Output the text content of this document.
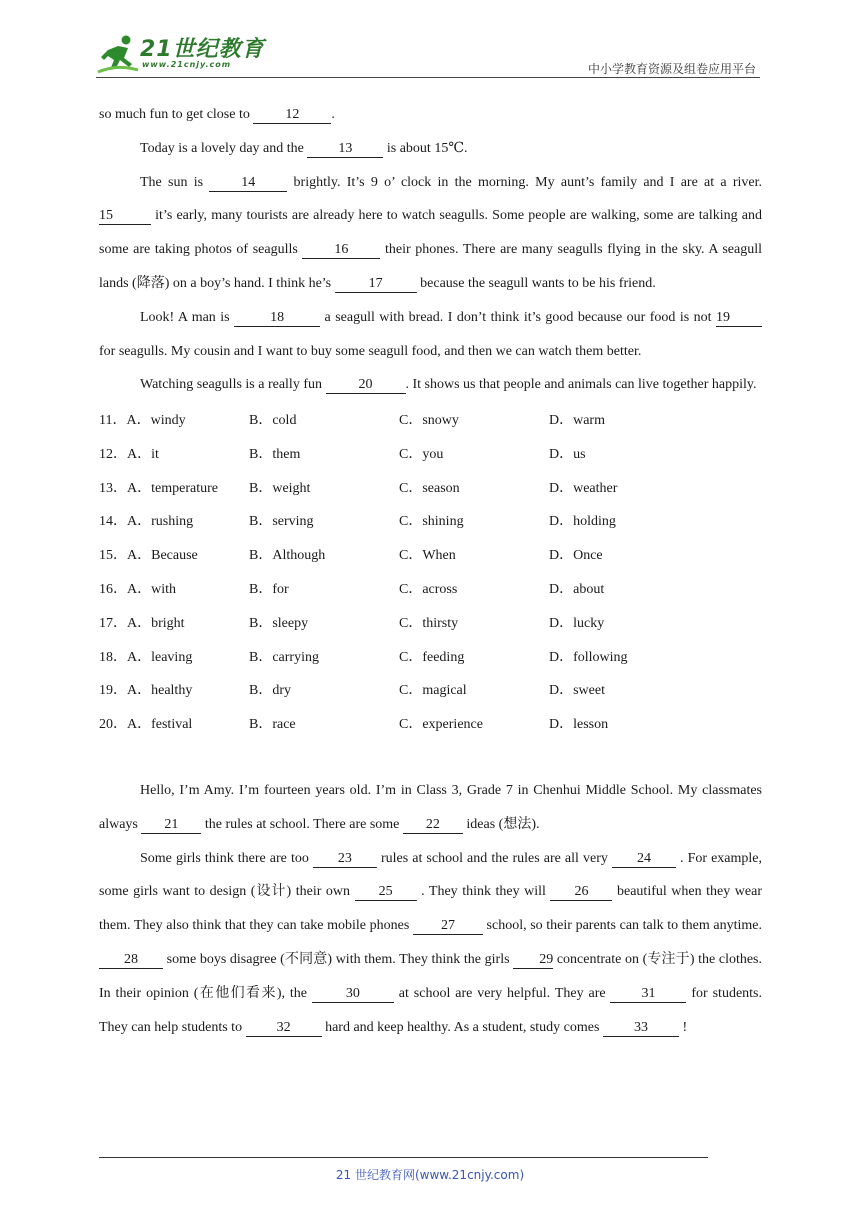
21世纪教育
www.21cnjy.com	中小学教育资源及组卷应用平台

so much fun to get close to 12 .

Today is a lovely day and the 13 is about 15℃.

The sun is 14 brightly. It’s 9 o’ clock in the morning. My aunt’s family and I are at a river. 15	it’s early, many tourists are already here to watch seagulls. Some people are walking, some are talking and some are taking photos of seagulls 16 their phones. There are many seagulls flying in the sky. A seagull lands (降落) on a boy’s hand. I think he’s 17 because the seagull wants to be his friend.

Look! A man is	18	a seagull with bread. I don’t think it’s good because our food is not 19 for seagulls. My cousin and I want to buy some seagull food, and then we can watch them better.

Watching seagulls is a really fun 20 . It shows us that people and animals can live together happily.

11．A．windy	B．cold	C．snowy	D．warm
12．A．it	B．them	C．you	D．us
13．A．temperature	B．weight	C．season	D．weather
14．A．rushing	B．serving	C．shining	D．holding
15．A．Because	B．Although	C．When	D．Once
16．A．with	B．for	C．across	D．about
17．A．bright	B．sleepy	C．thirsty	D．lucky
18．A．leaving	B．carrying	C．feeding	D．following
19．A．healthy	B．dry	C．magical	D．sweet
20．A．festival	B．race	C．experience	D．lesson

Hello, I’m Amy. I’m fourteen years old. I’m in Class 3, Grade 7 in Chenhui Middle School. My classmates always 21 the rules at school. There are some 22 ideas (想法).

Some girls think there are too 23 rules at school and the rules are all very 24 . For example, some girls want to design (设计) their own 25 . They think they will 26 beautiful when they wear them. They also think that they can take mobile phones 27 school, so their parents can talk to them anytime. 28 some boys disagree (不同意) with them. They think the girls 29 concentrate on (专注于) the clothes. In their opinion (在他们看来), the 30 at school are very helpful. They are 31 for students. They can help students to 32 hard and keep healthy. As a student, study comes 33 !

21 世纪教育网(www.21cnjy.com)
